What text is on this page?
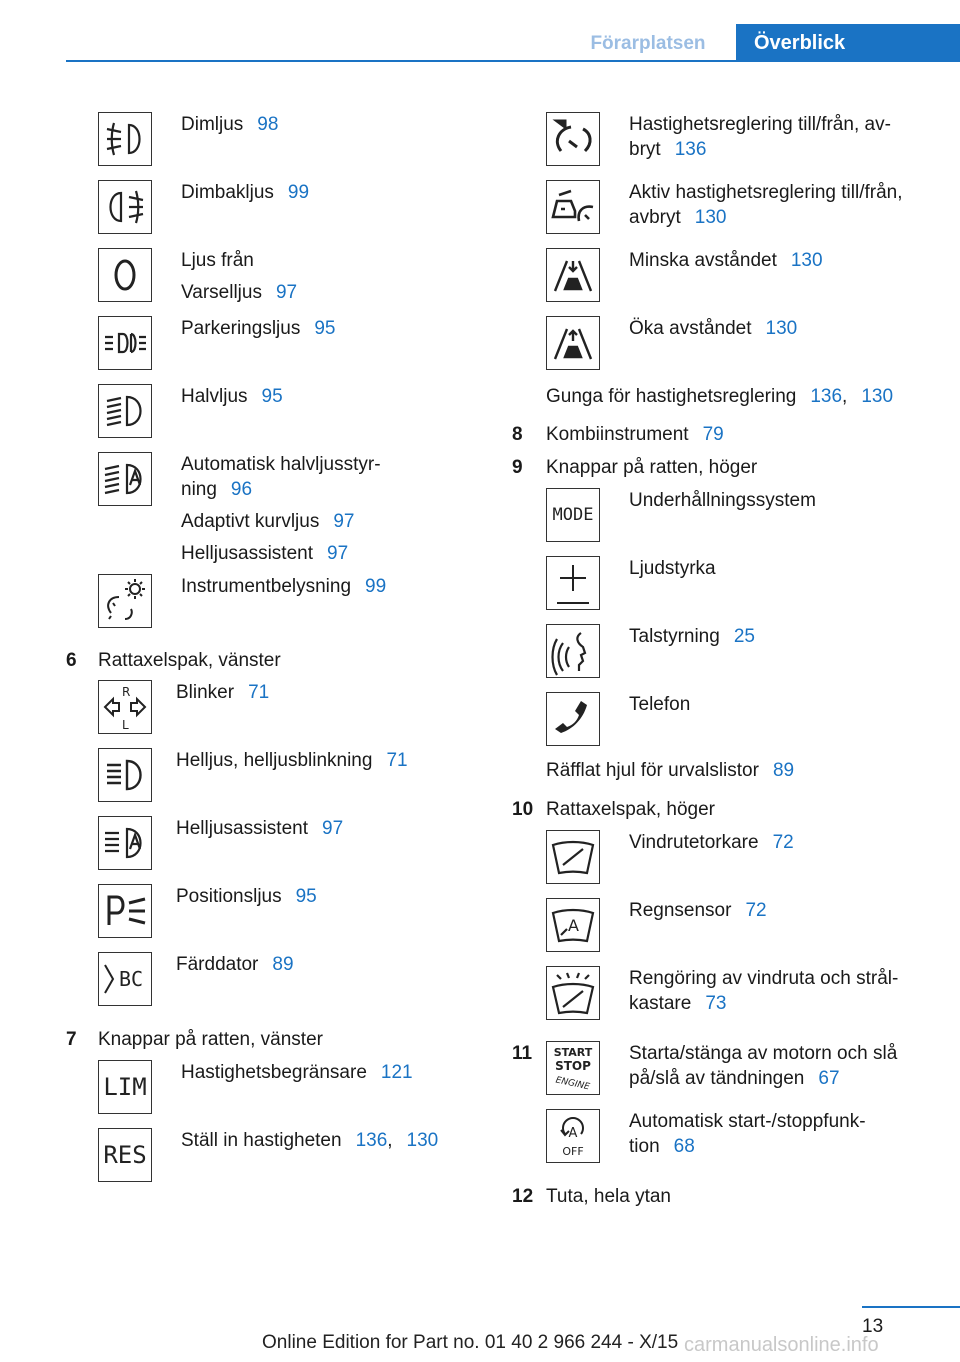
Förarplatsen	Överblick
Dimljus 98
Dimbakljus 99
Ljus från
Varselljus 97
Parkeringsljus 95
Halvljus 95
Automatisk halvljusstyr-
ning 96
Adaptivt kurvljus 97
Helljusassistent 97
Instrumentbelysning 99
6 Rattaxelspak, vänster
R
L
Blinker 71
Helljus, helljusblinkning 71
Helljusassistent 97
Positionsljus 95
BC
Färddator 89
7 Knappar på ratten, vänster
LIM
Hastighetsbegränsare 121
RES
Ställ in hastigheten 136, 130
Hastighetsreglering till/från, av-
bryt 136
Aktiv hastighetsreglering till/från,
avbryt 130
Minska avståndet 130
Öka avståndet 130
Gunga för hastighetsreglering 136, 130
8 Kombiinstrument 79
9 Knappar på ratten, höger
MODE
Underhållningssystem
Ljudstyrka
Talstyrning 25
Telefon
Räfflat hjul för urvalslistor 89
10 Rattaxelspak, höger
Vindrutetorkare 72
A
Regnsensor 72
Rengöring av vindruta och strål-
kastare 73
11 START
STOP
ENGINE
Starta/stänga av motorn och slå
på/slå av tändningen 67
A
OFF
Automatisk start-/stoppfunk-
tion 68
12 Tuta, hela ytan
13
Online Edition for Part no. 01 40 2 966 244 - X/15 carmanualsonline.info
